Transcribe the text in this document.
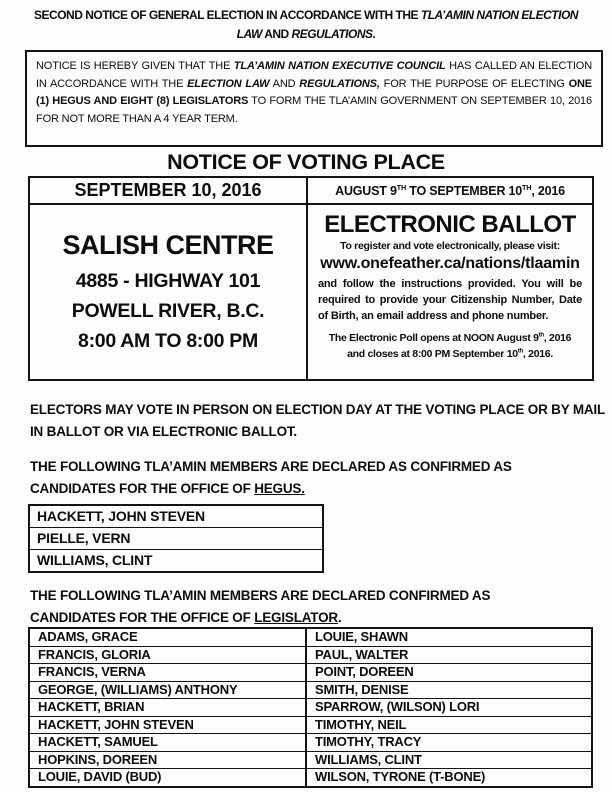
SECOND NOTICE OF GENERAL ELECTION IN ACCORDANCE WITH THE TLA’AMIN NATION ELECTION
LAW AND REGULATIONS.
NOTICE IS HEREBY GIVEN THAT THE TLA’AMIN NATION EXECUTIVE COUNCIL HAS CALLED AN ELECTION IN ACCORDANCE WITH THE ELECTION LAW AND REGULATIONS, FOR THE PURPOSE OF ELECTING ONE (1) HEGUS AND EIGHT (8) LEGISLATORS TO FORM THE TLA’AMIN GOVERNMENT ON SEPTEMBER 10, 2016 FOR NOT MORE THAN A 4 YEAR TERM.
NOTICE OF VOTING PLACE
SEPTEMBER 10, 2016	AUGUST 9TH TO SEPTEMBER 10TH, 2016
SALISH CENTRE
4885 - HIGHWAY 101
POWELL RIVER, B.C.
8:00 AM TO 8:00 PM
ELECTRONIC BALLOT
To register and vote electronically, please visit:
www.onefeather.ca/nations/tlaamin
and follow the instructions provided. You will be required to provide your Citizenship Number, Date of Birth, an email address and phone number.
The Electronic Poll opens at NOON August 9th, 2016
and closes at 8:00 PM September 10th, 2016.
ELECTORS MAY VOTE IN PERSON ON ELECTION DAY AT THE VOTING PLACE OR BY MAIL IN BALLOT OR VIA ELECTRONIC BALLOT.
THE FOLLOWING TLA’AMIN MEMBERS ARE DECLARED AS CONFIRMED AS CANDIDATES FOR THE OFFICE OF HEGUS.
HACKETT, JOHN STEVEN
PIELLE, VERN
WILLIAMS, CLINT
THE FOLLOWING TLA’AMIN MEMBERS ARE DECLARED CONFIRMED AS CANDIDATES FOR THE OFFICE OF LEGISLATOR.
ADAMS, GRACE	LOUIE, SHAWN
FRANCIS, GLORIA	PAUL, WALTER
FRANCIS, VERNA	POINT, DOREEN
GEORGE, (WILLIAMS) ANTHONY	SMITH, DENISE
HACKETT, BRIAN	SPARROW, (WILSON) LORI
HACKETT, JOHN STEVEN	TIMOTHY, NEIL
HACKETT, SAMUEL	TIMOTHY, TRACY
HOPKINS, DOREEN	WILLIAMS, CLINT
LOUIE, DAVID (BUD)	WILSON, TYRONE (T-BONE)
